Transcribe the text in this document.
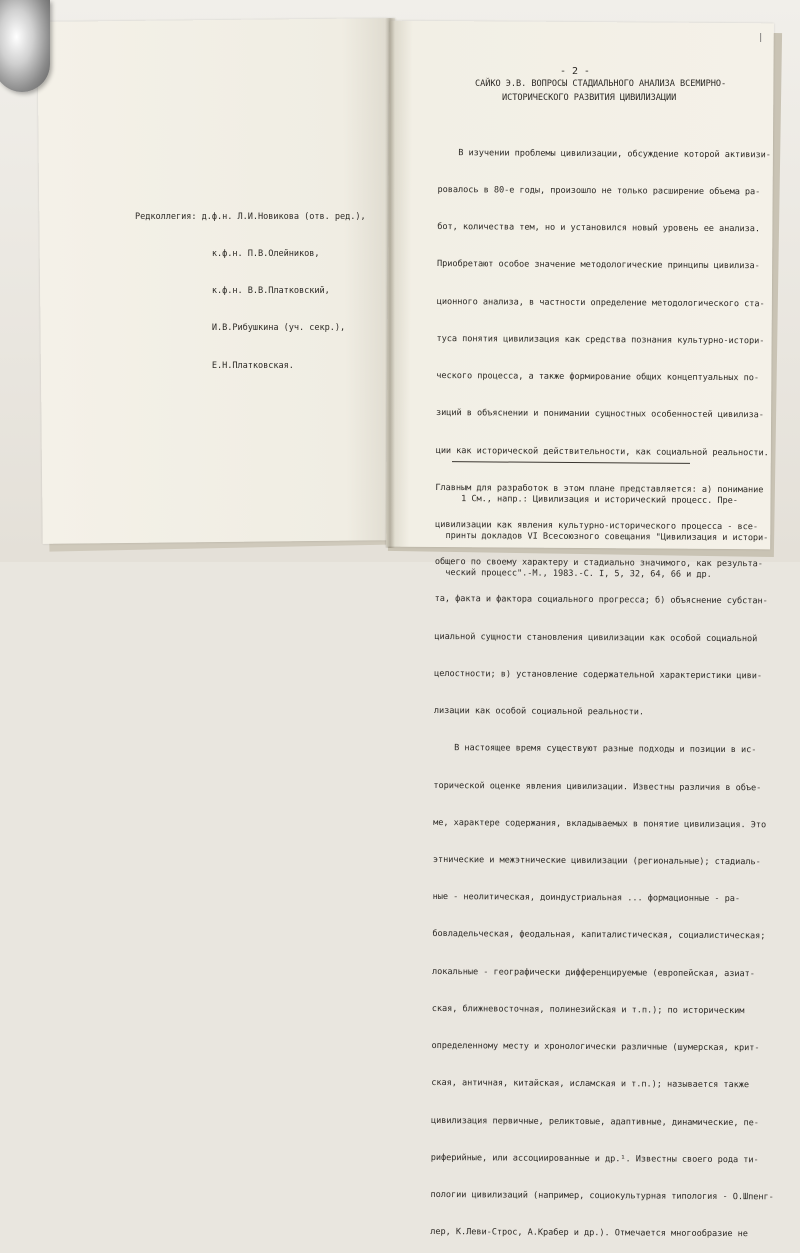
Редколлегия: д.ф.н. Л.И.Новикова (отв. ред.),

к.ф.н. П.В.Олейников,

к.ф.н. В.В.Платковский,

И.В.Рибушкина (уч. секр.),

Е.Н.Платковская.

|
- 2 -
САЙКО Э.В. ВОПРОСЫ СТАДИАЛЬНОГО АНАЛИЗА ВСЕМИРНО-
ИСТОРИЧЕСКОГО РАЗВИТИЯ ЦИВИЛИЗАЦИИ

В изучении проблемы цивилизации, обсуждение которой активизи-

ровалось в 80-е годы, произошло не только расширение объема ра-

бот, количества тем, но и установился новый уровень ее анализа.

Приобретают особое значение методологические принципы цивилиза-

ционного анализа, в частности определение методологического ста-

туса понятия цивилизация как средства познания культурно-истори-

ческого процесса, а также формирование общих концептуальных по-

зиций в объяснении и понимании сущностных особенностей цивилиза-

ции как исторической действительности, как социальной реальности.

Главным для разработок в этом плане представляется: а) понимание

цивилизации как явления культурно-исторического процесса - все-

общего по своему характеру и стадиально значимого, как результа-

та, факта и фактора социального прогресса; б) объяснение субстан-

циальной сущности становления цивилизации как особой социальной

целостности; в) установление содержательной характеристики циви-

лизации как особой социальной реальности.

В настоящее время существуют разные подходы и позиции в ис-

торической оценке явления цивилизации. Известны различия в объе-

ме, характере содержания, вкладываемых в понятие цивилизация. Это

этнические и межэтнические цивилизации (региональные); стадиаль-

ные - неолитическая, доиндустриальная ... формационные - ра-

бовладельческая, феодальная, капиталистическая, социалистическая;

локальные - географически дифференцируемые (европейская, азиат-

ская, ближневосточная, полинезийская и т.п.); по историческим

определенному месту и хронологически различные (шумерская, крит-

ская, античная, китайская, исламская и т.п.); называется также

цивилизация первичные, реликтовые, адаптивные, динамические, пе-

риферийные, или ассоциированные и др.¹. Известны своего рода ти-

пологии цивилизаций (например, социокультурная типология - О.Шпенг-

лер, К.Леви-Строс, А.Крабер и др.). Отмечается многообразие не

1 См., напр.: Цивилизация и исторический процесс. Пре-

принты докладов VI Всесоюзного совещания "Цивилизация и истори-

ческий процесс".-М., 1983.-С. I, 5, 32, 64, 66 и др.
